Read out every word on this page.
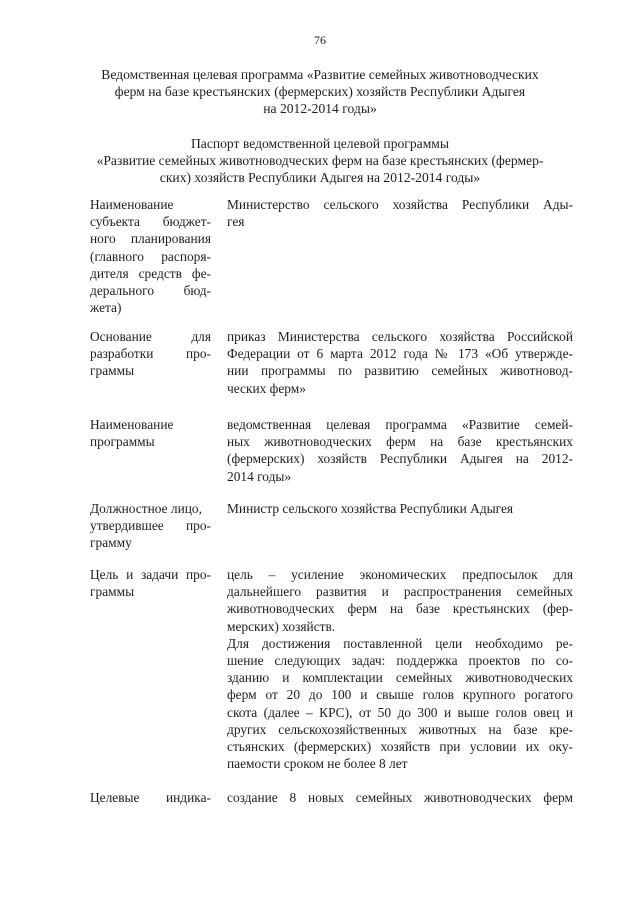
76
Ведомственная целевая программа «Развитие семейных животноводческих
ферм на базе крестьянских (фермерских) хозяйств Республики Адыгея
на 2012-2014 годы»
Паспорт ведомственной целевой программы
«Развитие семейных животноводческих ферм на базе крестьянских (фермер-
ских) хозяйств Республики Адыгея на 2012-2014 годы»
Наименование
субъекта бюджет-
ного планирования
(главного распоря-
дителя средств фе-
дерального бюд-
жета)
Министерство сельского хозяйства Республики Ады-
гея
Основание для
разработки про-
граммы
приказ Министерства сельского хозяйства Российской
Федерации от 6 марта 2012 года № 173 «Об утвержде-
нии программы по развитию семейных животновод-
ческих ферм»
Наименование
программы
ведомственная целевая программа «Развитие семей-
ных животноводческих ферм на базе крестьянских
(фермерских) хозяйств Республики Адыгея на 2012-
2014 годы»
Должностное лицо,
утвердившее про-
грамму
Министр сельского хозяйства Республики Адыгея
Цель и задачи про-
граммы
цель – усиление экономических предпосылок для
дальнейшего развития и распространения семейных
животноводческих ферм на базе крестьянских (фер-
мерских) хозяйств.
Для достижения поставленной цели необходимо ре-
шение следующих задач: поддержка проектов по со-
зданию и комплектации семейных животноводческих
ферм от 20 до 100 и свыше голов крупного рогатого
скота (далее – КРС), от 50 до 300 и выше голов овец и
других сельскохозяйственных животных на базе кре-
стьянских (фермерских) хозяйств при условии их оку-
паемости сроком не более 8 лет
Целевые индика- создание 8 новых семейных животноводческих ферм
